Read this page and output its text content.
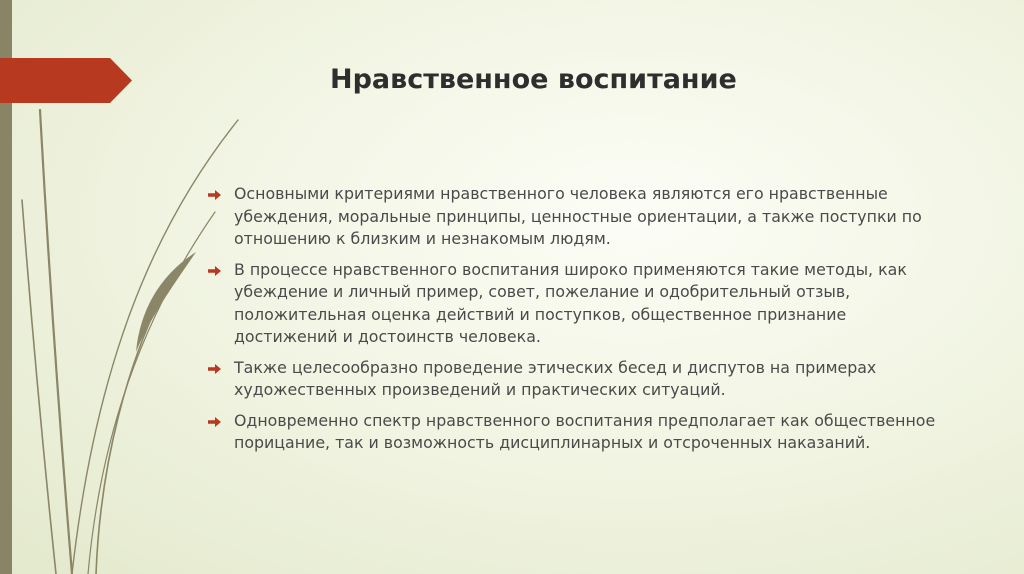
Нравственное воспитание
Основными критериями нравственного человека являются его нравственные убеждения, моральные принципы, ценностные ориентации, а также поступки по отношению к близким и незнакомым людям.
В процессе нравственного воспитания широко применяются такие методы, как убеждение и личный пример, совет, пожелание и одобрительный отзыв, положительная оценка действий и поступков, общественное признание достижений и достоинств человека.
Также целесообразно проведение этических бесед и диспутов на примерах художественных произведений и практических ситуаций.
Одновременно спектр нравственного воспитания предполагает как общественное порицание, так и возможность дисциплинарных и отсроченных наказаний.
